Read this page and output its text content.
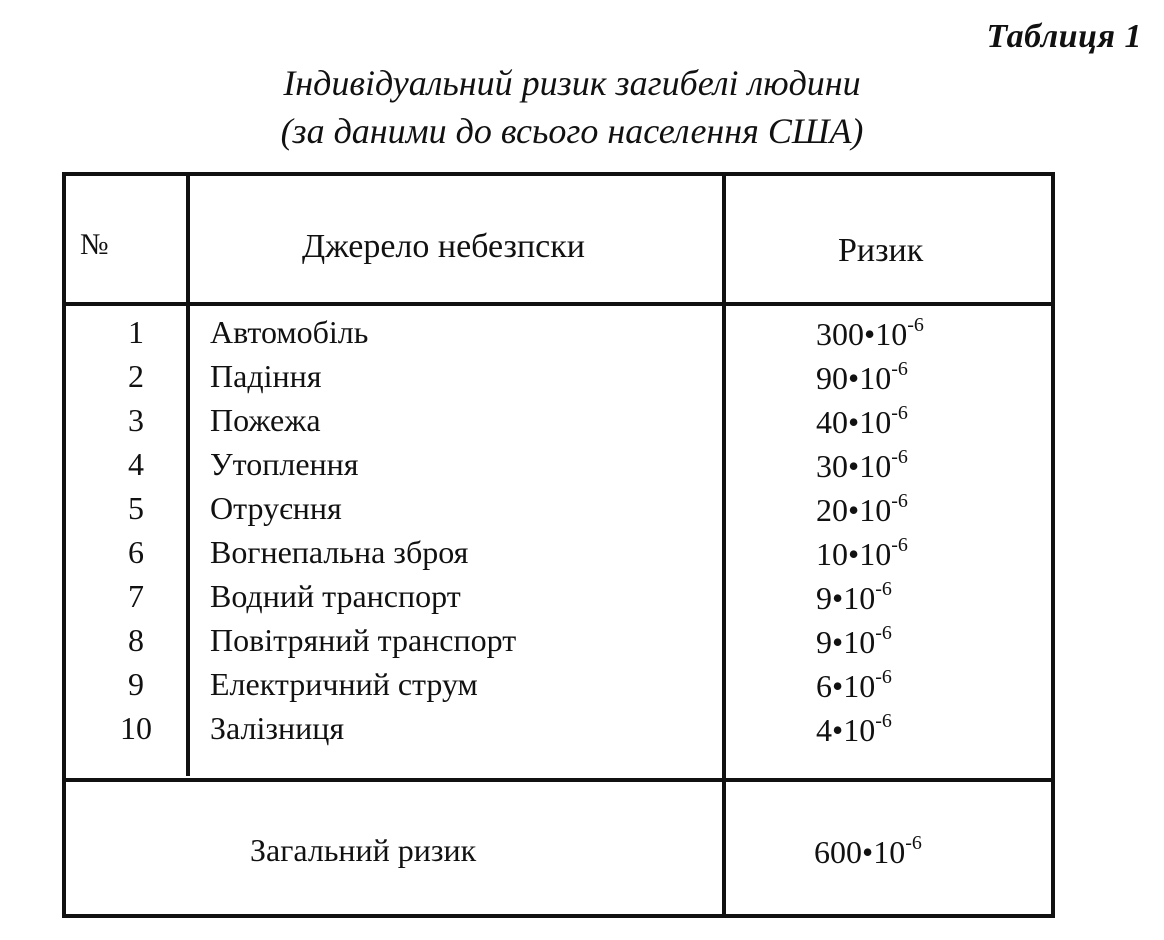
Таблиця 1
Індивідуальний ризик загибелі людини
(за даними до всього населення США)
№	Джерело небезпски	Ризик
1	Автомобіль	$300•10^{-6}$
2	Падіння	$90•10^{-6}$
3	Пожежа	$40•10^{-6}$
4	Утоплення	$30•10^{-6}$
5	Отруєння	$20•10^{-6}$
6	Вогнепальна зброя	$10•10^{-6}$
7	Водний транспорт	$9•10^{-6}$
8	Повітряний транспорт	$9•10^{-6}$
9	Електричний струм	$6•10^{-6}$
10	Залізниця	$4•10^{-6}$
Загальний ризик	$600•10^{-6}$
